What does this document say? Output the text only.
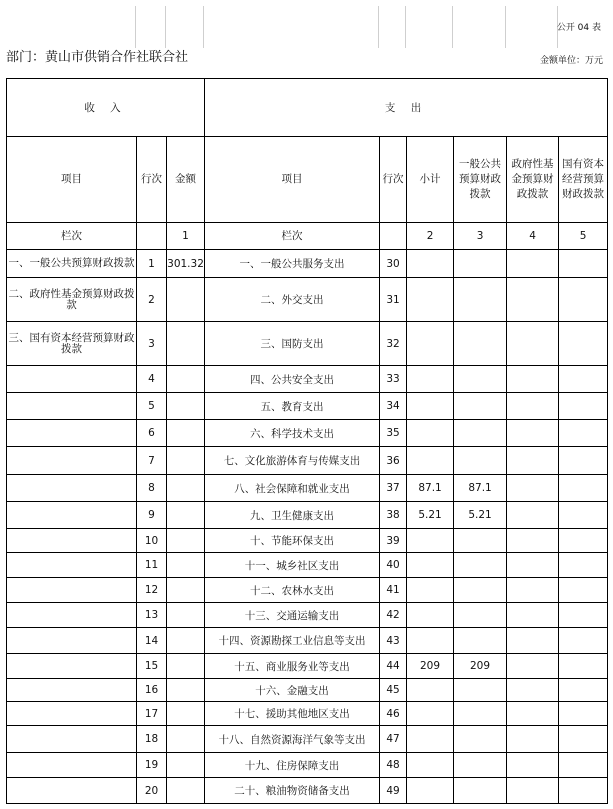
公开 04 表
部门：黄山市供销合作社联合社	金额单位：万元
收 入			支 出					
项目	行次	金额	项目	行次	小计	一般公共预算财政拨款	政府性基金预算财政拨款	国有资本经营预算财政拨款
栏次		1	栏次		2	3	4	5
一、一般公共预算财政拨款	1	301.32	一、一般公共服务支出	30				
二、政府性基金预算财政拨款	2		二、外交支出	31				
三、国有资本经营预算财政拨款	3		三、国防支出	32				
	4		四、公共安全支出	33				
	5		五、教育支出	34				
	6		六、科学技术支出	35				
	7		七、文化旅游体育与传媒支出	36				
	8		八、社会保障和就业支出	37	87.1	87.1		
	9		九、卫生健康支出	38	5.21	5.21		
	10		十、节能环保支出	39				
	11		十一、城乡社区支出	40				
	12		十二、农林水支出	41				
	13		十三、交通运输支出	42				
	14		十四、资源勘探工业信息等支出	43				
	15		十五、商业服务业等支出	44	209	209		
	16		十六、金融支出	45				
	17		十七、援助其他地区支出	46				
	18		十八、自然资源海洋气象等支出	47				
	19		十九、住房保障支出	48				
	20		二十、粮油物资储备支出	49				
